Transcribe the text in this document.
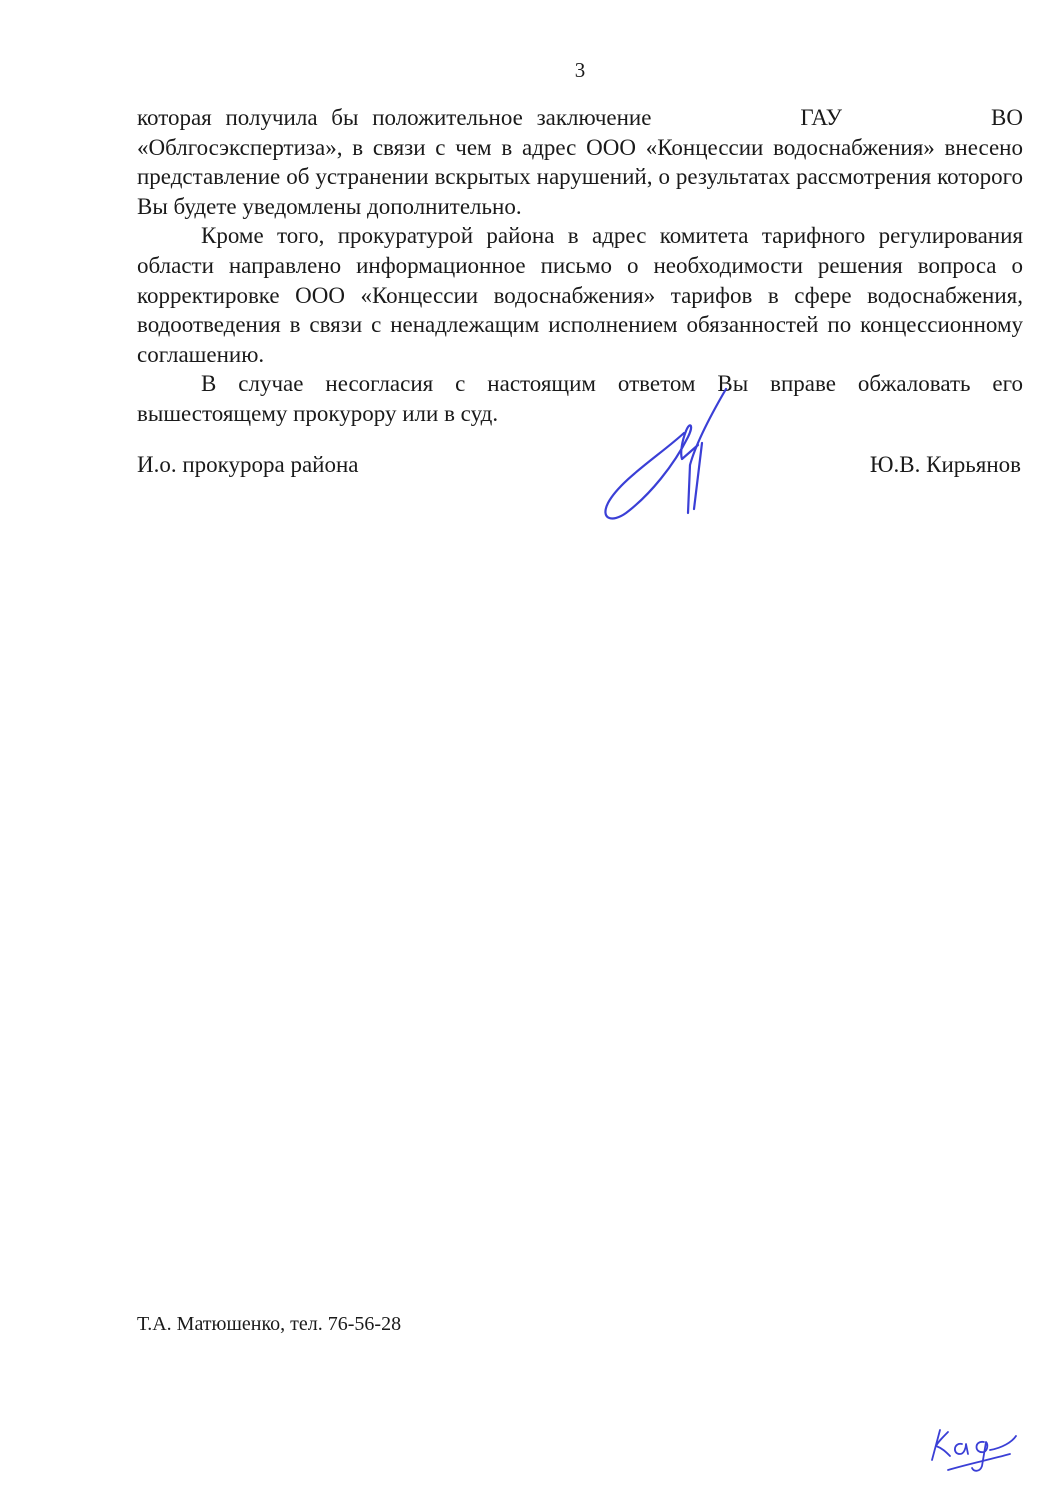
3
которая получила бы положительное заключение	ГАУ	ВО

«Облгосэкспертиза», в связи с чем в адрес ООО «Концессии водоснабжения» внесено представление об устранении вскрытых нарушений, о результатах рассмотрения которого Вы будете уведомлены дополнительно.

Кроме того, прокуратурой района в адрес комитета тарифного регулирования области направлено информационное письмо о необходимости решения вопроса о корректировке ООО «Концессии водоснабжения» тарифов в сфере водоснабжения, водоотведения в связи с ненадлежащим исполнением обязанностей по концессионному соглашению.

В случае несогласия с настоящим ответом Вы вправе обжаловать его вышестоящему прокурору или в суд.

И.о. прокурора района	Ю.В. Кирьянов
Т.А. Матюшенко, тел. 76-56-28
